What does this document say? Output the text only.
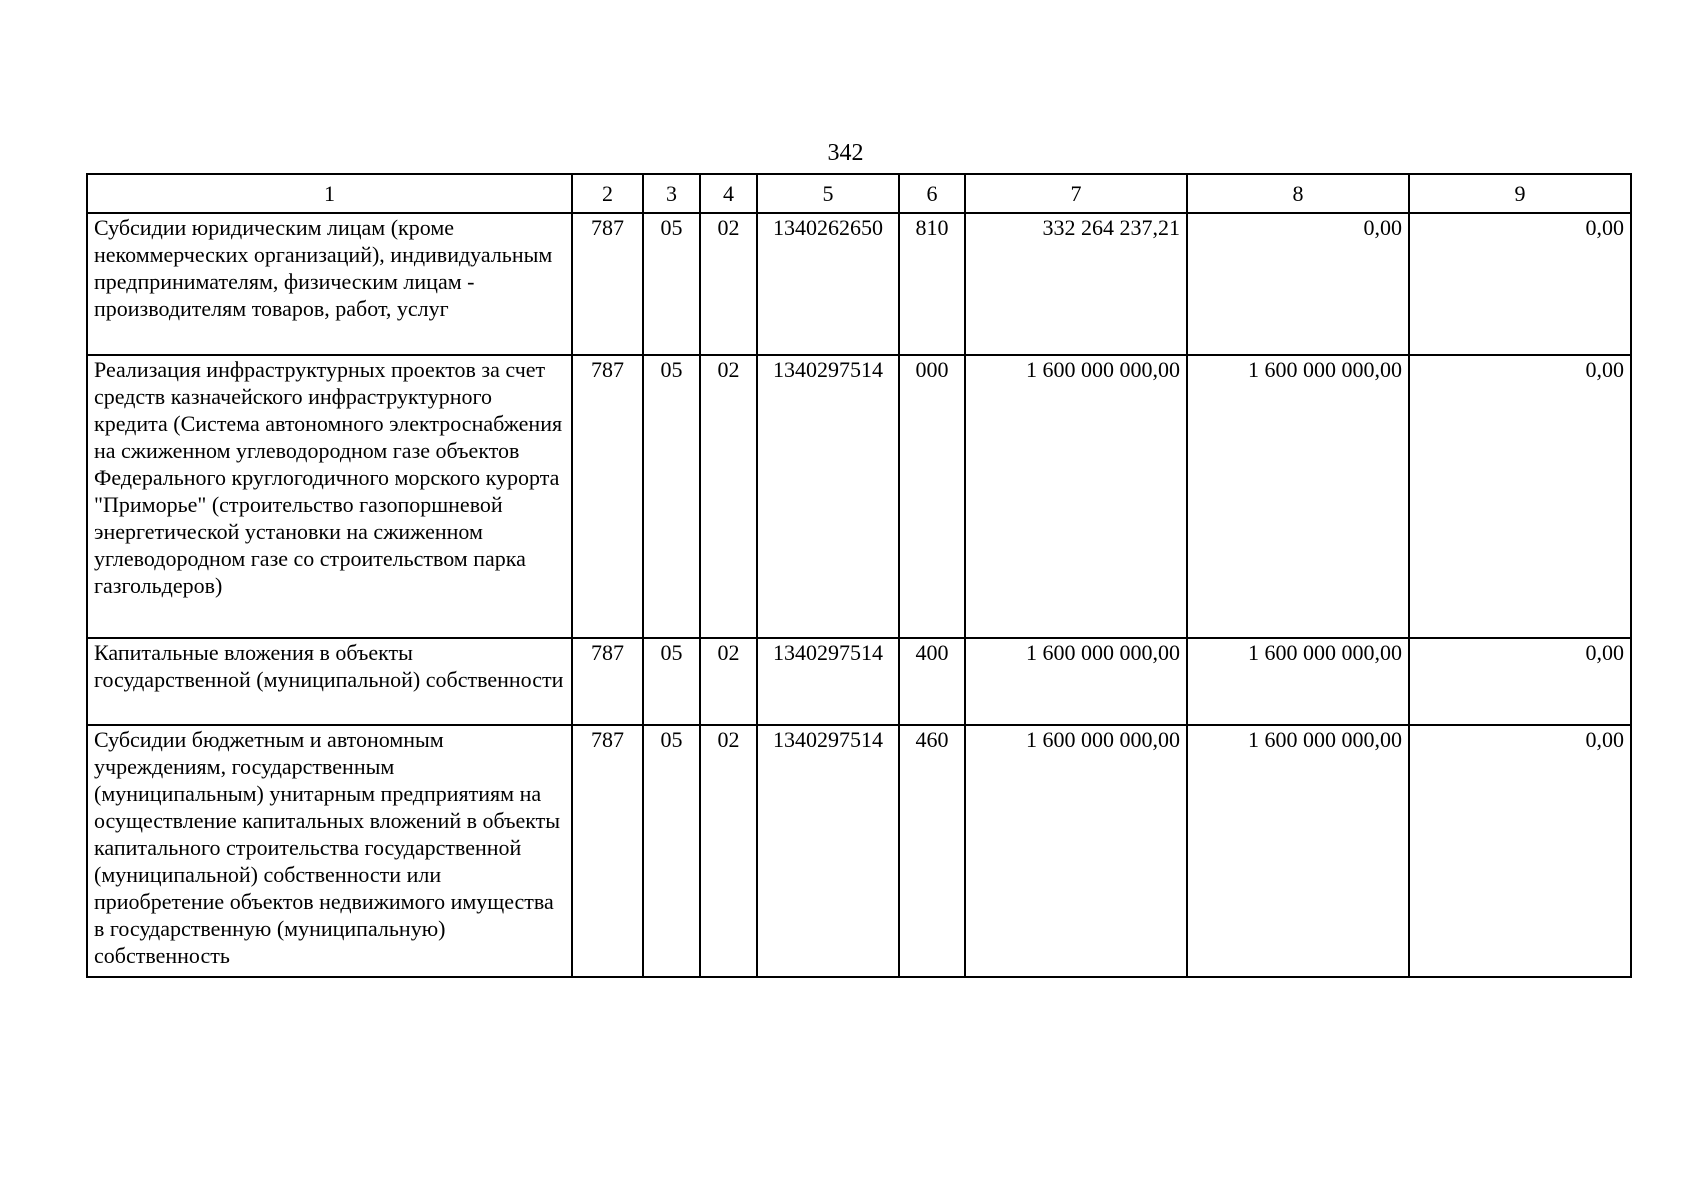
342
1	2	3	4	5	6	7	8	9
Субсидии юридическим лицам (кроме некоммерческих организаций), индивидуальным предпринимателям, физическим лицам - производителям товаров, работ, услуг	787	05	02	1340262650	810	332 264 237,21	0,00	0,00
Реализация инфраструктурных проектов за счет средств казначейского инфраструктурного кредита (Система автономного электроснабжения на сжиженном углеводородном газе объектов Федерального круглогодичного морского курорта "Приморье" (строительство газопоршневой энергетической установки на сжиженном углеводородном газе со строительством парка газгольдеров)	787	05	02	1340297514	000	1 600 000 000,00	1 600 000 000,00	0,00
Капитальные вложения в объекты государственной (муниципальной) собственности	787	05	02	1340297514	400	1 600 000 000,00	1 600 000 000,00	0,00
Субсидии бюджетным и автономным учреждениям, государственным (муниципальным) унитарным предприятиям на осуществление капитальных вложений в объекты капитального строительства государственной (муниципальной) собственности или приобретение объектов недвижимого имущества в государственную (муниципальную) собственность	787	05	02	1340297514	460	1 600 000 000,00	1 600 000 000,00	0,00
